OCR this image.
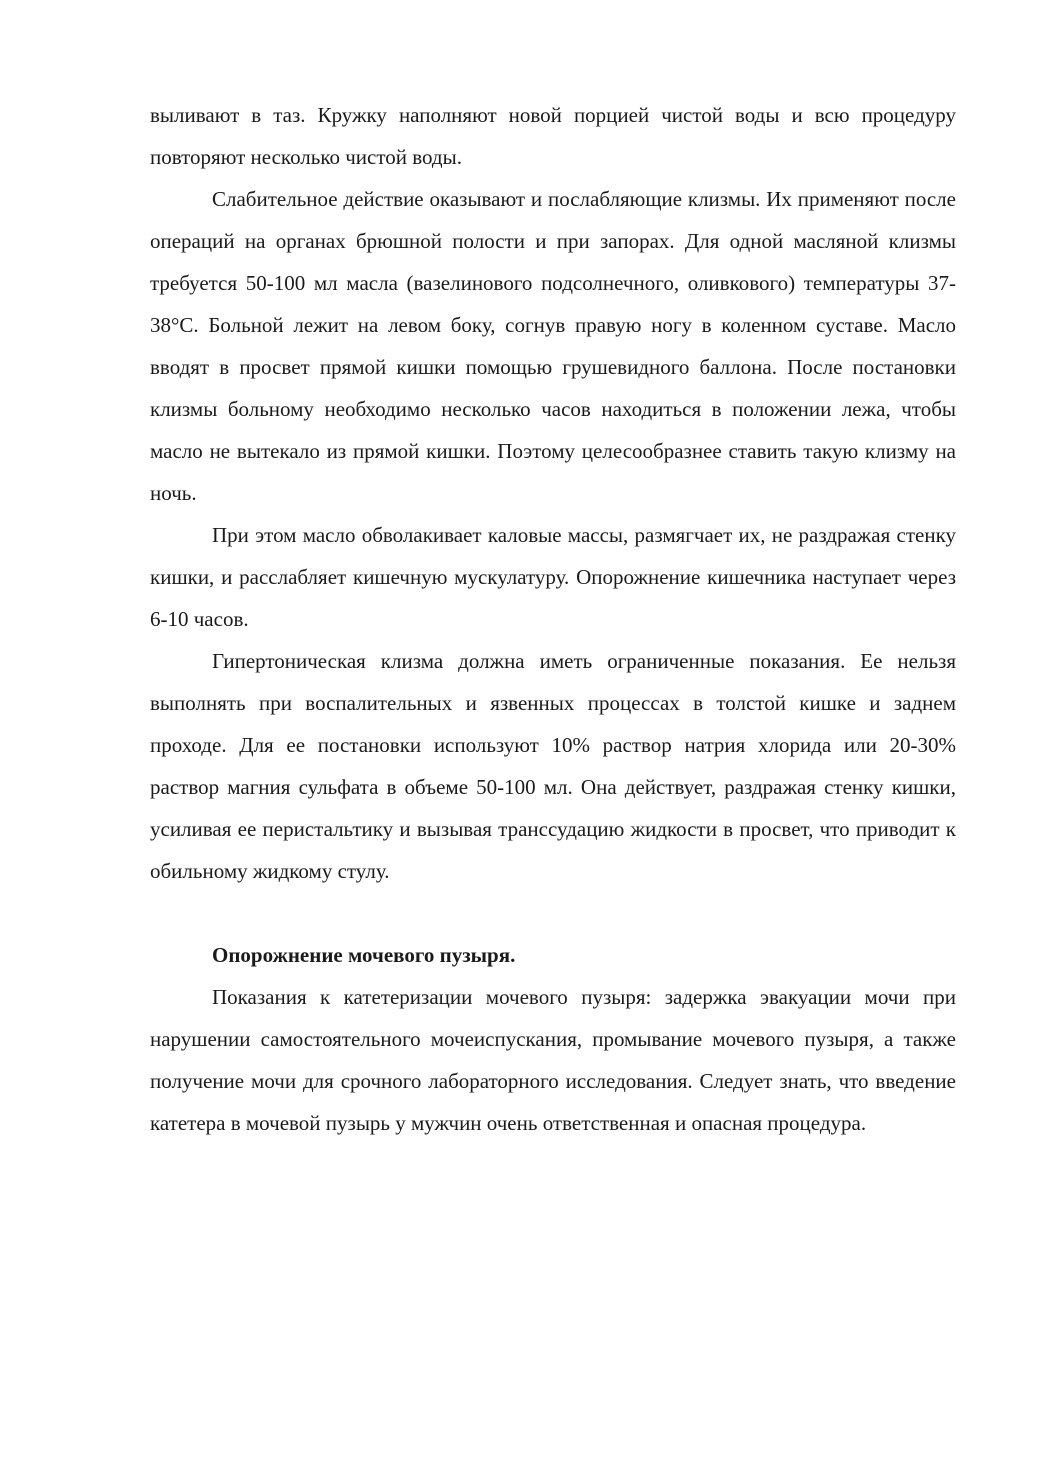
выливают в таз. Кружку наполняют новой порцией чистой воды и всю процедуру повторяют несколько чистой воды.

Слабительное действие оказывают и послабляющие клизмы. Их применяют после операций на органах брюшной полости и при запорах. Для одной масляной клизмы требуется 50-100 мл масла (вазелинового подсолнечного, оливкового) температуры 37-38°С. Больной лежит на левом боку, согнув правую ногу в коленном суставе. Масло вводят в просвет прямой кишки помощью грушевидного баллона. После постановки клизмы больному необходимо несколько часов находиться в положении лежа, чтобы масло не вытекало из прямой кишки. Поэтому целесообразнее ставить такую клизму на ночь.

При этом масло обволакивает каловые массы, размягчает их, не раздражая стенку кишки, и расслабляет кишечную мускулатуру. Опорожнение кишечника наступает через 6-10 часов.

Гипертоническая клизма должна иметь ограниченные показания. Ее нельзя выполнять при воспалительных и язвенных процессах в толстой кишке и заднем проходе. Для ее постановки используют 10% раствор натрия хлорида или 20-30% раствор магния сульфата в объеме 50-100 мл. Она действует, раздражая стенку кишки, усиливая ее перистальтику и вызывая транссудацию жидкости в просвет, что приводит к обильному жидкому стулу.

Опорожнение мочевого пузыря.

Показания к катетеризации мочевого пузыря: задержка эвакуации мочи при нарушении самостоятельного мочеиспускания, промывание мочевого пузыря, а также получение мочи для срочного лабораторного исследования. Следует знать, что введение катетера в мочевой пузырь у мужчин очень ответственная и опасная процедура.
